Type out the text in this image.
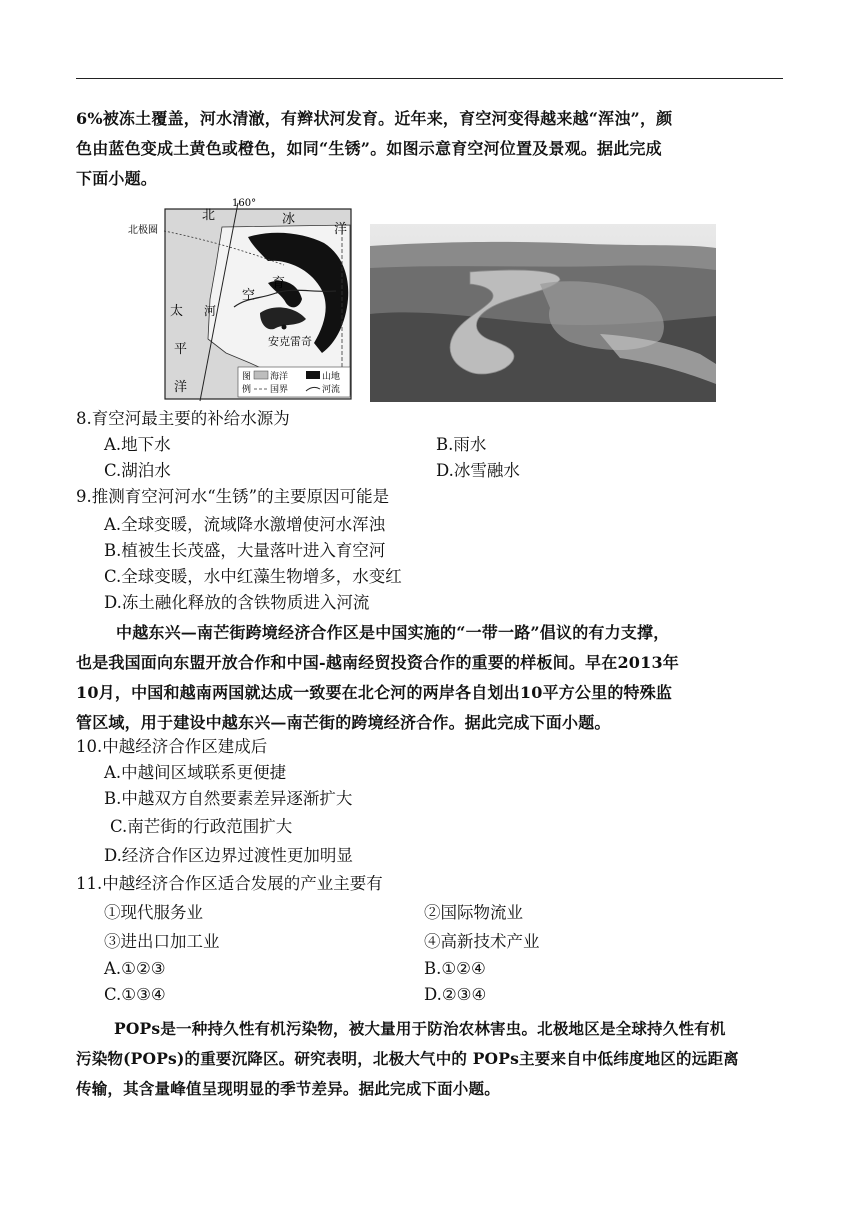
6%被冻土覆盖，河水清澈，有辫状河发育。近年来，育空河变得越来越“浑浊”，颜
色由蓝色变成土黄色或橙色，如同“生锈”。如图示意育空河位置及景观。据此完成
下面小题。
160°
北极圈
北	冰
洋
太
平
洋
育
空
河
安克雷奇
图
例
海洋	山地
国界	河流
8.育空河最主要的补给水源为
A.地下水	B.雨水
C.湖泊水	D.冰雪融水
9.推测育空河河水“生锈”的主要原因可能是
A.全球变暖，流域降水激增使河水浑浊
B.植被生长茂盛，大量落叶进入育空河
C.全球变暖，水中红藻生物增多，水变红
D.冻土融化释放的含铁物质进入河流
中越东兴—南芒街跨境经济合作区是中国实施的“一带一路”倡议的有力支撑，
也是我国面向东盟开放合作和中国-越南经贸投资合作的重要的样板间。早在2013年
10月，中国和越南两国就达成一致要在北仑河的两岸各自划出10平方公里的特殊监
管区域，用于建设中越东兴—南芒街的跨境经济合作。据此完成下面小题。
10.中越经济合作区建成后
A.中越间区域联系更便捷
B.中越双方自然要素差异逐渐扩大
C.南芒街的行政范围扩大
D.经济合作区边界过渡性更加明显
11.中越经济合作区适合发展的产业主要有
①现代服务业	②国际物流业
③进出口加工业	④高新技术产业
A.①②③	B.①②④
C.①③④	D.②③④
POPs是一种持久性有机污染物，被大量用于防治农林害虫。北极地区是全球持久性有机
污染物(POPs)的重要沉降区。研究表明，北极大气中的 POPs主要来自中低纬度地区的远距离
传输，其含量峰值呈现明显的季节差异。据此完成下面小题。
